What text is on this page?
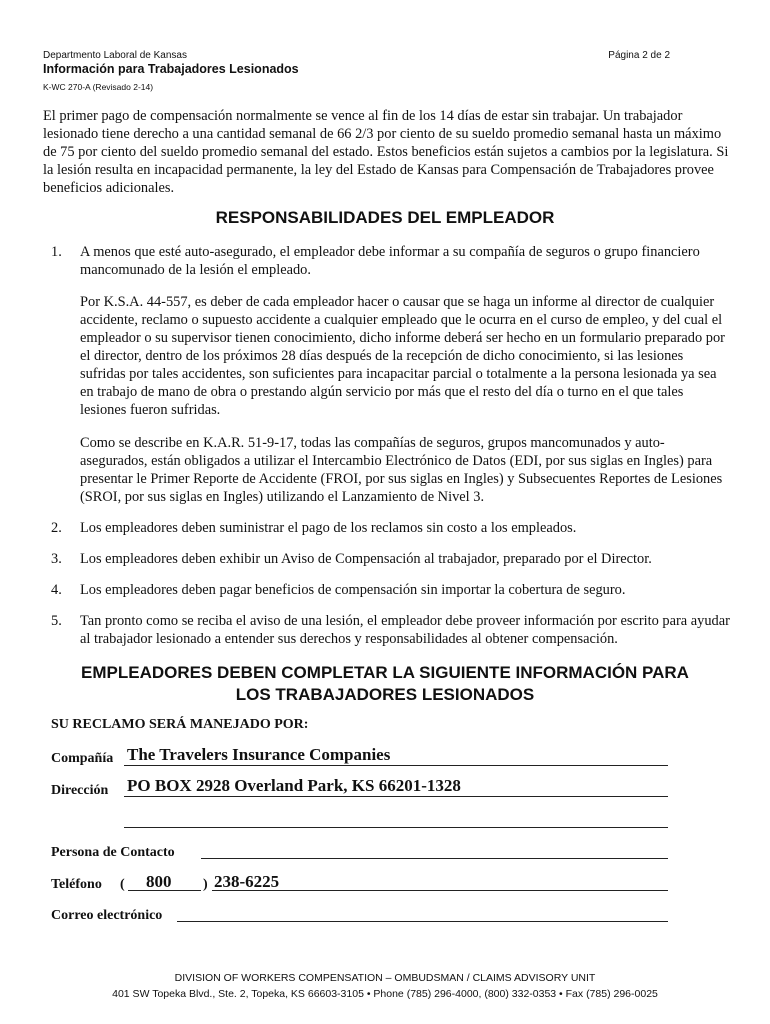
Departmento Laboral de Kansas	Página 2 de 2
Información para Trabajadores Lesionados
K-WC 270-A (Revisado 2-14)
El primer pago de compensación normalmente se vence al fin de los 14 días de estar sin trabajar. Un trabajador lesionado tiene derecho a una cantidad semanal de 66 2/3 por ciento de su sueldo promedio semanal hasta un máximo de 75 por ciento del sueldo promedio semanal del estado. Estos beneficios están sujetos a cambios por la legislatura. Si la lesión resulta en incapacidad permanente, la ley del Estado de Kansas para Compensación de Trabajadores provee beneficios adicionales.
RESPONSABILIDADES DEL EMPLEADOR
1. A menos que esté auto-asegurado, el empleador debe informar a su compañía de seguros o grupo financiero mancomunado de la lesión el empleado.
Por K.S.A. 44-557, es deber de cada empleador hacer o causar que se haga un informe al director de cualquier accidente, reclamo o supuesto accidente a cualquier empleado que le ocurra en el curso de empleo, y del cual el empleador o su supervisor tienen conocimiento, dicho informe deberá ser hecho en un formulario preparado por el director, dentro de los próximos 28 días después de la recepción de dicho conocimiento, si las lesiones sufridas por tales accidentes, son suficientes para incapacitar parcial o totalmente a la persona lesionada ya sea en trabajo de mano de obra o prestando algún servicio por más que el resto del día o turno en el que tales lesiones fueron sufridas.
Como se describe en K.A.R. 51-9-17, todas las compañías de seguros, grupos mancomunados y auto-asegurados, están obligados a utilizar el Intercambio Electrónico de Datos (EDI, por sus siglas en Ingles) para presentar le Primer Reporte de Accidente (FROI, por sus siglas en Ingles) y Subsecuentes Reportes de Lesiones (SROI, por sus siglas en Ingles) utilizando el Lanzamiento de Nivel 3.
2. Los empleadores deben suministrar el pago de los reclamos sin costo a los empleados.
3. Los empleadores deben exhibir un Aviso de Compensación al trabajador, preparado por el Director.
4. Los empleadores deben pagar beneficios de compensación sin importar la cobertura de seguro.
5. Tan pronto como se reciba el aviso de una lesión, el empleador debe proveer información por escrito para ayudar al trabajador lesionado a entender sus derechos y responsabilidades al obtener compensación.
EMPLEADORES DEBEN COMPLETAR LA SIGUIENTE INFORMACIÓN PARA
LOS TRABAJADORES LESIONADOS
SU RECLAMO SERÁ MANEJADO POR:
Compañía The Travelers Insurance Companies
Dirección PO BOX 2928 Overland Park, KS 66201-1328
Persona de Contacto
Teléfono ( 800 ) 238-6225
Correo electrónico
DIVISION OF WORKERS COMPENSATION – OMBUDSMAN / CLAIMS ADVISORY UNIT
401 SW Topeka Blvd., Ste. 2, Topeka, KS 66603-3105 • Phone (785) 296-4000, (800) 332-0353 • Fax (785) 296-0025
